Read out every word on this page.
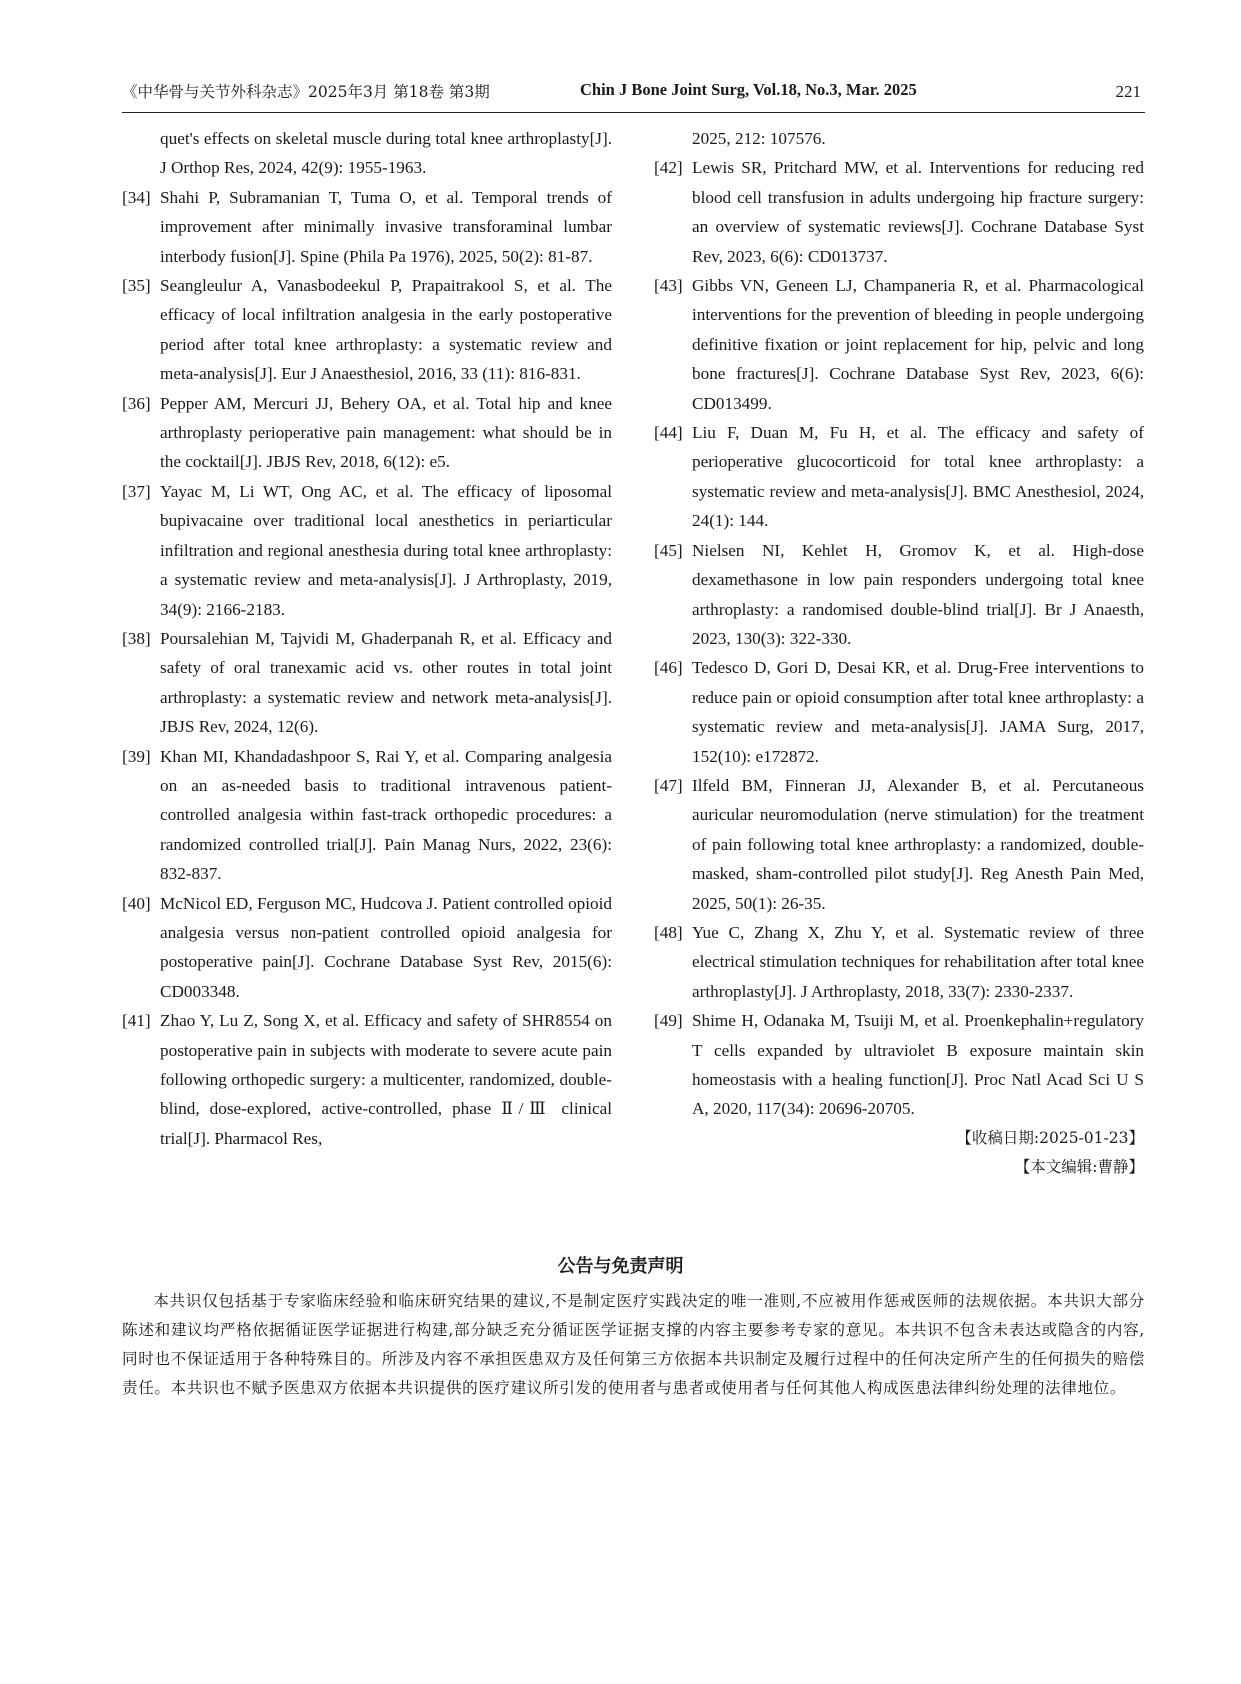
《中华骨与关节外科杂志》2025年3月 第18卷 第3期	Chin J Bone Joint Surg, Vol.18, No.3, Mar. 2025	221
quet's effects on skeletal muscle during total knee arthroplasty[J]. J Orthop Res, 2024, 42(9): 1955-1963.
[34] Shahi P, Subramanian T, Tuma O, et al. Temporal trends of improvement after minimally invasive transforaminal lumbar interbody fusion[J]. Spine (Phila Pa 1976), 2025, 50(2): 81-87.
[35] Seangleulur A, Vanasbodeekul P, Prapaitrakool S, et al. The efficacy of local infiltration analgesia in the early postoperative period after total knee arthroplasty: a systematic review and meta-analysis[J]. Eur J Anaesthesiol, 2016, 33 (11): 816-831.
[36] Pepper AM, Mercuri JJ, Behery OA, et al. Total hip and knee arthroplasty perioperative pain management: what should be in the cocktail[J]. JBJS Rev, 2018, 6(12): e5.
[37] Yayac M, Li WT, Ong AC, et al. The efficacy of liposomal bupivacaine over traditional local anesthetics in periarticular infiltration and regional anesthesia during total knee arthroplasty: a systematic review and meta-analysis[J]. J Arthroplasty, 2019, 34(9): 2166-2183.
[38] Poursalehian M, Tajvidi M, Ghaderpanah R, et al. Efficacy and safety of oral tranexamic acid vs. other routes in total joint arthroplasty: a systematic review and network meta-analysis[J]. JBJS Rev, 2024, 12(6).
[39] Khan MI, Khandadashpoor S, Rai Y, et al. Comparing analgesia on an as-needed basis to traditional intravenous patient-controlled analgesia within fast-track orthopedic procedures: a randomized controlled trial[J]. Pain Manag Nurs, 2022, 23(6): 832-837.
[40] McNicol ED, Ferguson MC, Hudcova J. Patient controlled opioid analgesia versus non-patient controlled opioid analgesia for postoperative pain[J]. Cochrane Database Syst Rev, 2015(6): CD003348.
[41] Zhao Y, Lu Z, Song X, et al. Efficacy and safety of SHR8554 on postoperative pain in subjects with moderate to severe acute pain following orthopedic surgery: a multicenter, randomized, double-blind, dose-explored, active-controlled, phase Ⅱ/Ⅲ clinical trial[J]. Pharmacol Res,
2025, 212: 107576.
[42] Lewis SR, Pritchard MW, et al. Interventions for reducing red blood cell transfusion in adults undergoing hip fracture surgery: an overview of systematic reviews[J]. Cochrane Database Syst Rev, 2023, 6(6): CD013737.
[43] Gibbs VN, Geneen LJ, Champaneria R, et al. Pharmacological interventions for the prevention of bleeding in people undergoing definitive fixation or joint replacement for hip, pelvic and long bone fractures[J]. Cochrane Database Syst Rev, 2023, 6(6): CD013499.
[44] Liu F, Duan M, Fu H, et al. The efficacy and safety of perioperative glucocorticoid for total knee arthroplasty: a systematic review and meta-analysis[J]. BMC Anesthesiol, 2024, 24(1): 144.
[45] Nielsen NI, Kehlet H, Gromov K, et al. High-dose dexamethasone in low pain responders undergoing total knee arthroplasty: a randomised double-blind trial[J]. Br J Anaesth, 2023, 130(3): 322-330.
[46] Tedesco D, Gori D, Desai KR, et al. Drug-Free interventions to reduce pain or opioid consumption after total knee arthroplasty: a systematic review and meta-analysis[J]. JAMA Surg, 2017, 152(10): e172872.
[47] Ilfeld BM, Finneran JJ, Alexander B, et al. Percutaneous auricular neuromodulation (nerve stimulation) for the treatment of pain following total knee arthroplasty: a randomized, double-masked, sham-controlled pilot study[J]. Reg Anesth Pain Med, 2025, 50(1): 26-35.
[48] Yue C, Zhang X, Zhu Y, et al. Systematic review of three electrical stimulation techniques for rehabilitation after total knee arthroplasty[J]. J Arthroplasty, 2018, 33(7): 2330-2337.
[49] Shime H, Odanaka M, Tsuiji M, et al. Proenkephalin+regulatory T cells expanded by ultraviolet B exposure maintain skin homeostasis with a healing function[J]. Proc Natl Acad Sci U S A, 2020, 117(34): 20696-20705.
【收稿日期:2025-01-23】
【本文编辑:曹静】
公告与免责声明
本共识仅包括基于专家临床经验和临床研究结果的建议,不是制定医疗实践决定的唯一准则,不应被用作惩戒医师的法规依据。本共识大部分陈述和建议均严格依据循证医学证据进行构建,部分缺乏充分循证医学证据支撑的内容主要参考专家的意见。本共识不包含未表达或隐含的内容,同时也不保证适用于各种特殊目的。所涉及内容不承担医患双方及任何第三方依据本共识制定及履行过程中的任何决定所产生的任何损失的赔偿责任。本共识也不赋予医患双方依据本共识提供的医疗建议所引发的使用者与患者或使用者与任何其他人构成医患法律纠纷处理的法律地位。
